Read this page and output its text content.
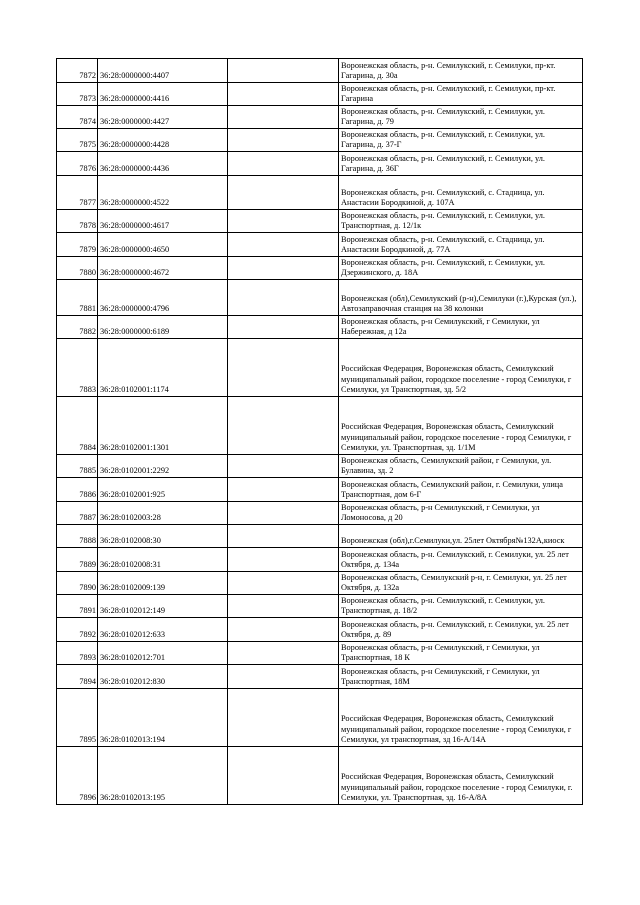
7872	36:28:0000000:4407		Воронежская область, р-н. Семилукский, г. Семилуки, пр-кт. Гагарина, д. 30а
7873	36:28:0000000:4416		Воронежская область, р-н. Семилукский, г. Семилуки, пр-кт. Гагарина
7874	36:28:0000000:4427		Воронежская область, р-н. Семилукский, г. Семилуки, ул. Гагарина, д. 79
7875	36:28:0000000:4428		Воронежская область, р-н. Семилукский, г. Семилуки, ул. Гагарина, д. 37-Г
7876	36:28:0000000:4436		Воронежская область, р-н. Семилукский, г. Семилуки, ул. Гагарина, д. 36Г
7877	36:28:0000000:4522		Воронежская область, р-н. Семилукский, с. Стадница, ул. Анастасии Бородкиной, д. 107А
7878	36:28:0000000:4617		Воронежская область, р-н. Семилукский, г. Семилуки, ул. Транспортная, д. 12/1к
7879	36:28:0000000:4650		Воронежская область, р-н. Семилукский, с. Стадница, ул. Анастасии Бородкиной, д. 77А
7880	36:28:0000000:4672		Воронежская область, р-н. Семилукский, г. Семилуки, ул. Дзержинского, д. 18А
7881	36:28:0000000:4796		Воронежская (обл),Семилукский (р-н),Семилуки (г.),Курская (ул.), Автозаправочная станция на 38 колонки
7882	36:28:0000000:6189		Воронежская область, р-н Семилукский, г Семилуки, ул Набережная, д 12а
7883	36:28:0102001:1174		Российская Федерация, Воронежская область, Семилукский муниципальный район, городское поселение - город Семилуки, г Семилуки, ул Транспортная, зд. 5/2
7884	36:28:0102001:1301		Российская Федерация, Воронежская область, Семилукский муниципальный район, городское поселение - город Семилуки, г Семилуки, ул. Транспортная, зд. 1/1М
7885	36:28:0102001:2292		Воронежская область, Семилукский район, г Семилуки, ул. Булавина, зд. 2
7886	36:28:0102001:925		Воронежская область, Семилукский район, г. Семилуки, улица Транспортная, дом 6-Г
7887	36:28:0102003:28		Воронежская область, р-н Семилукский, г Семилуки, ул Ломоносова, д 20
7888	36:28:0102008:30		Воронежская (обл),г.Семилуки,ул. 25лет Октября№132А,киоск
7889	36:28:0102008:31		Воронежская область, р-н. Семилукский, г. Семилуки, ул. 25 лет Октября, д. 134а
7890	36:28:0102009:139		Воронежская область, Семилукский р-н, г. Семилуки, ул. 25 лет Октября, д. 132а
7891	36:28:0102012:149		Воронежская область, р-н. Семилукский, г. Семилуки, ул. Транспортная, д. 18/2
7892	36:28:0102012:633		Воронежская область, р-н. Семилукский, г. Семилуки, ул. 25 лет Октября, д. 89
7893	36:28:0102012:701		Воронежская область, р-н Семилукский, г Семилуки, ул Транспортная, 18 К
7894	36:28:0102012:830		Воронежская область, р-н Семилукский, г Семилуки, ул Транспортная, 18М
7895	36:28:0102013:194		Российская Федерация, Воронежская область, Семилукский муниципальный район, городское поселение - город Семилуки, г Семилуки, ул транспортная, зд 16-А/14А
7896	36:28:0102013:195		Российская Федерация, Воронежская область, Семилукский муниципальный район, городское поселение - город Семилуки, г. Семилуки, ул. Транспортная, зд. 16-А/8А
